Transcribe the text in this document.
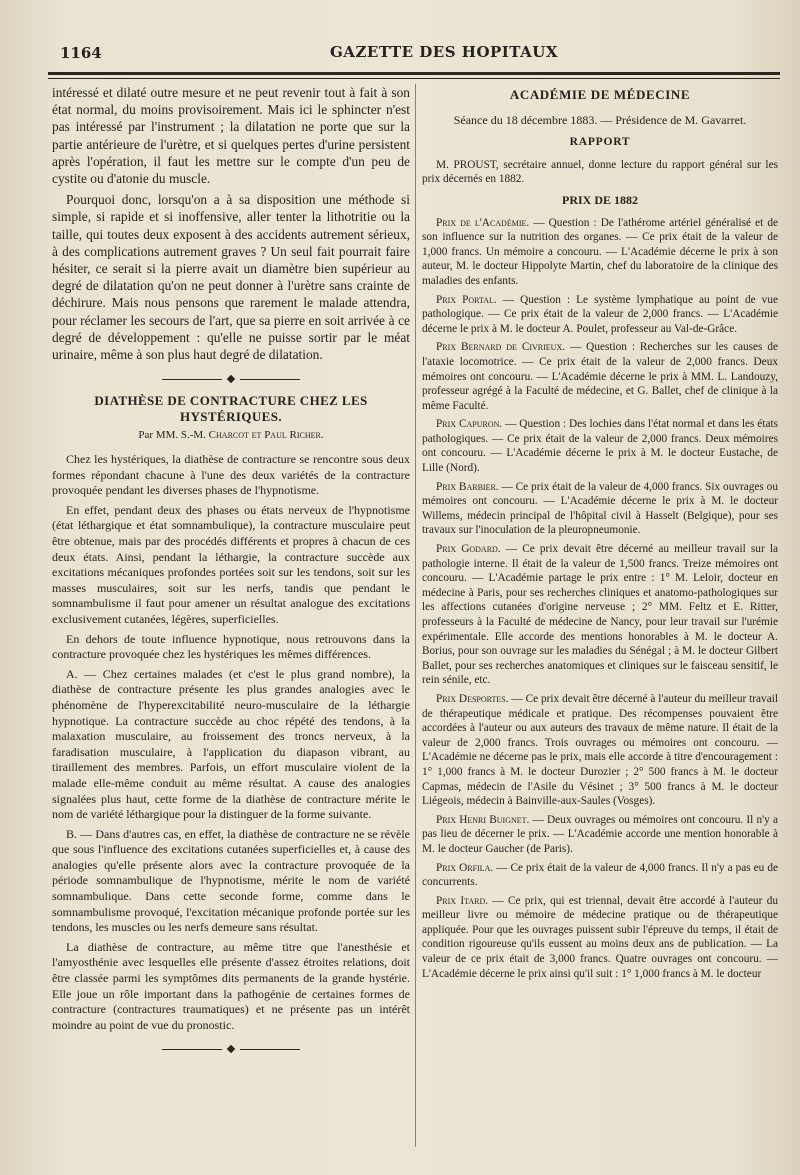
1164	GAZETTE DES HOPITAUX

intéressé et dilaté outre mesure et ne peut revenir tout à fait à son état normal, du moins provisoirement. Mais ici le sphincter n'est pas intéressé par l'instrument ; la dilatation ne porte que sur la partie antérieure de l'urètre, et si quelques pertes d'urine persistent après l'opération, il faut les mettre sur le compte d'un peu de cystite ou d'atonie du muscle.

Pourquoi donc, lorsqu'on a à sa disposition une méthode si simple, si rapide et si inoffensive, aller tenter la lithotritie ou la taille, qui toutes deux exposent à des accidents autrement sérieux, à des complications autrement graves ? Un seul fait pourrait faire hésiter, ce serait si la pierre avait un diamètre bien supérieur au degré de dilatation qu'on ne peut donner à l'urètre sans crainte de déchirure. Mais nous pensons que rarement le malade attendra, pour réclamer les secours de l'art, que sa pierre en soit arrivée à ce degré de développement : qu'elle ne puisse sortir par le méat urinaire, même à son plus haut degré de dilatation.

DIATHÈSE DE CONTRACTURE CHEZ LES HYSTÉRIQUES.
Par MM. S.-M. Charcot et Paul Richer.

Chez les hystériques, la diathèse de contracture se rencontre sous deux formes répondant chacune à l'une des deux variétés de la contracture provoquée pendant les diverses phases de l'hypnotisme.

En effet, pendant deux des phases ou états nerveux de l'hypnotisme (état léthargique et état somnambulique), la contracture musculaire peut être obtenue, mais par des procédés différents et propres à chacun de ces deux états. Ainsi, pendant la léthargie, la contracture succède aux excitations mécaniques profondes portées soit sur les tendons, soit sur les masses musculaires, soit sur les nerfs, tandis que pendant le somnambulisme il faut pour amener un résultat analogue des excitations exclusivement cutanées, légères, superficielles.

En dehors de toute influence hypnotique, nous retrouvons dans la contracture provoquée chez les hystériques les mêmes différences.

A. — Chez certaines malades (et c'est le plus grand nombre), la diathèse de contracture présente les plus grandes analogies avec le phénomène de l'hyperexcitabilité neuro-musculaire de la léthargie hypnotique. La contracture succède au choc répété des tendons, à la malaxation musculaire, au froissement des troncs nerveux, à la faradisation musculaire, à l'application du diapason vibrant, au tiraillement des membres. Parfois, un effort musculaire violent de la malade elle-même conduit au même résultat. A cause des analogies signalées plus haut, cette forme de la diathèse de contracture mérite le nom de variété léthargique pour la distinguer de la forme suivante.

B. — Dans d'autres cas, en effet, la diathèse de contracture ne se révèle que sous l'influence des excitations cutanées superficielles et, à cause des analogies qu'elle présente alors avec la contracture provoquée de la période somnambulique de l'hypnotisme, mérite le nom de variété somnambulique. Dans cette seconde forme, comme dans le somnambulisme provoqué, l'excitation mécanique profonde portée sur les tendons, les muscles ou les nerfs demeure sans résultat.

La diathèse de contracture, au même titre que l'anesthésie et l'amyosthénie avec lesquelles elle présente d'assez étroites relations, doit être classée parmi les symptômes dits permanents de la grande hystérie. Elle joue un rôle important dans la pathogénie de certaines formes de contracture (contractures traumatiques) et ne présente pas un intérêt moindre au point de vue du pronostic.

ACADÉMIE DE MÉDECINE
Séance du 18 décembre 1883. — Présidence de M. Gavarret.
RAPPORT

M. PROUST, secrétaire annuel, donne lecture du rapport général sur les prix décernés en 1882.

PRIX DE 1882

Prix de l'Académie. — Question : De l'athérome artériel généralisé et de son influence sur la nutrition des organes. — Ce prix était de la valeur de 1,000 francs. Un mémoire a concouru. — L'Académie décerne le prix à son auteur, M. le docteur Hippolyte Martin, chef du laboratoire de la clinique des maladies des enfants.

Prix Portal. — Question : Le système lymphatique au point de vue pathologique. — Ce prix était de la valeur de 2,000 francs. — L'Académie décerne le prix à M. le docteur A. Poulet, professeur au Val-de-Grâce.

Prix Bernard de Civrieux. — Question : Recherches sur les causes de l'ataxie locomotrice. — Ce prix était de la valeur de 2,000 francs. Deux mémoires ont concouru. — L'Académie décerne le prix à MM. L. Landouzy, professeur agrégé à la Faculté de médecine, et G. Ballet, chef de clinique à la même Faculté.

Prix Capuron. — Question : Des lochies dans l'état normal et dans les états pathologiques. — Ce prix était de la valeur de 2,000 francs. Deux mémoires ont concouru. — L'Académie décerne le prix à M. le docteur Eustache, de Lille (Nord).

Prix Barbier. — Ce prix était de la valeur de 4,000 francs. Six ouvrages ou mémoires ont concouru. — L'Académie décerne le prix à M. le docteur Willems, médecin principal de l'hôpital civil à Hasselt (Belgique), pour ses travaux sur l'inoculation de la pleuropneumonie.

Prix Godard. — Ce prix devait être décerné au meilleur travail sur la pathologie interne. Il était de la valeur de 1,500 francs. Treize mémoires ont concouru. — L'Académie partage le prix entre : 1° M. Leloir, docteur en médecine à Paris, pour ses recherches cliniques et anatomo-pathologiques sur les affections cutanées d'origine nerveuse ; 2° MM. Feltz et E. Ritter, professeurs à la Faculté de médecine de Nancy, pour leur travail sur l'urémie expérimentale. Elle accorde des mentions honorables à M. le docteur A. Borius, pour son ouvrage sur les maladies du Sénégal ; à M. le docteur Gilbert Ballet, pour ses recherches anatomiques et cliniques sur le faisceau sensitif, le rein sénile, etc.

Prix Desportes. — Ce prix devait être décerné à l'auteur du meilleur travail de thérapeutique médicale et pratique. Des récompenses pouvaient être accordées à l'auteur ou aux auteurs des travaux de même nature. Il était de la valeur de 2,000 francs. Trois ouvrages ou mémoires ont concouru. — L'Académie ne décerne pas le prix, mais elle accorde à titre d'encouragement : 1° 1,000 francs à M. le docteur Durozier ; 2° 500 francs à M. le docteur Capmas, médecin de l'Asile du Vésinet ; 3° 500 francs à M. le docteur Liégeois, médecin à Bainville-aux-Saules (Vosges).

Prix Henri Buignet. — Deux ouvrages ou mémoires ont concouru. Il n'y a pas lieu de décerner le prix. — L'Académie accorde une mention honorable à M. le docteur Gaucher (de Paris).

Prix Orfila. — Ce prix était de la valeur de 4,000 francs. Il n'y a pas eu de concurrents.

Prix Itard. — Ce prix, qui est triennal, devait être accordé à l'auteur du meilleur livre ou mémoire de médecine pratique ou de thérapeutique appliquée. Pour que les ouvrages puissent subir l'épreuve du temps, il était de condition rigoureuse qu'ils eussent au moins deux ans de publication. — La valeur de ce prix était de 3,000 francs. Quatre ouvrages ont concouru. — L'Académie décerne le prix ainsi qu'il suit : 1° 1,000 francs à M. le docteur
